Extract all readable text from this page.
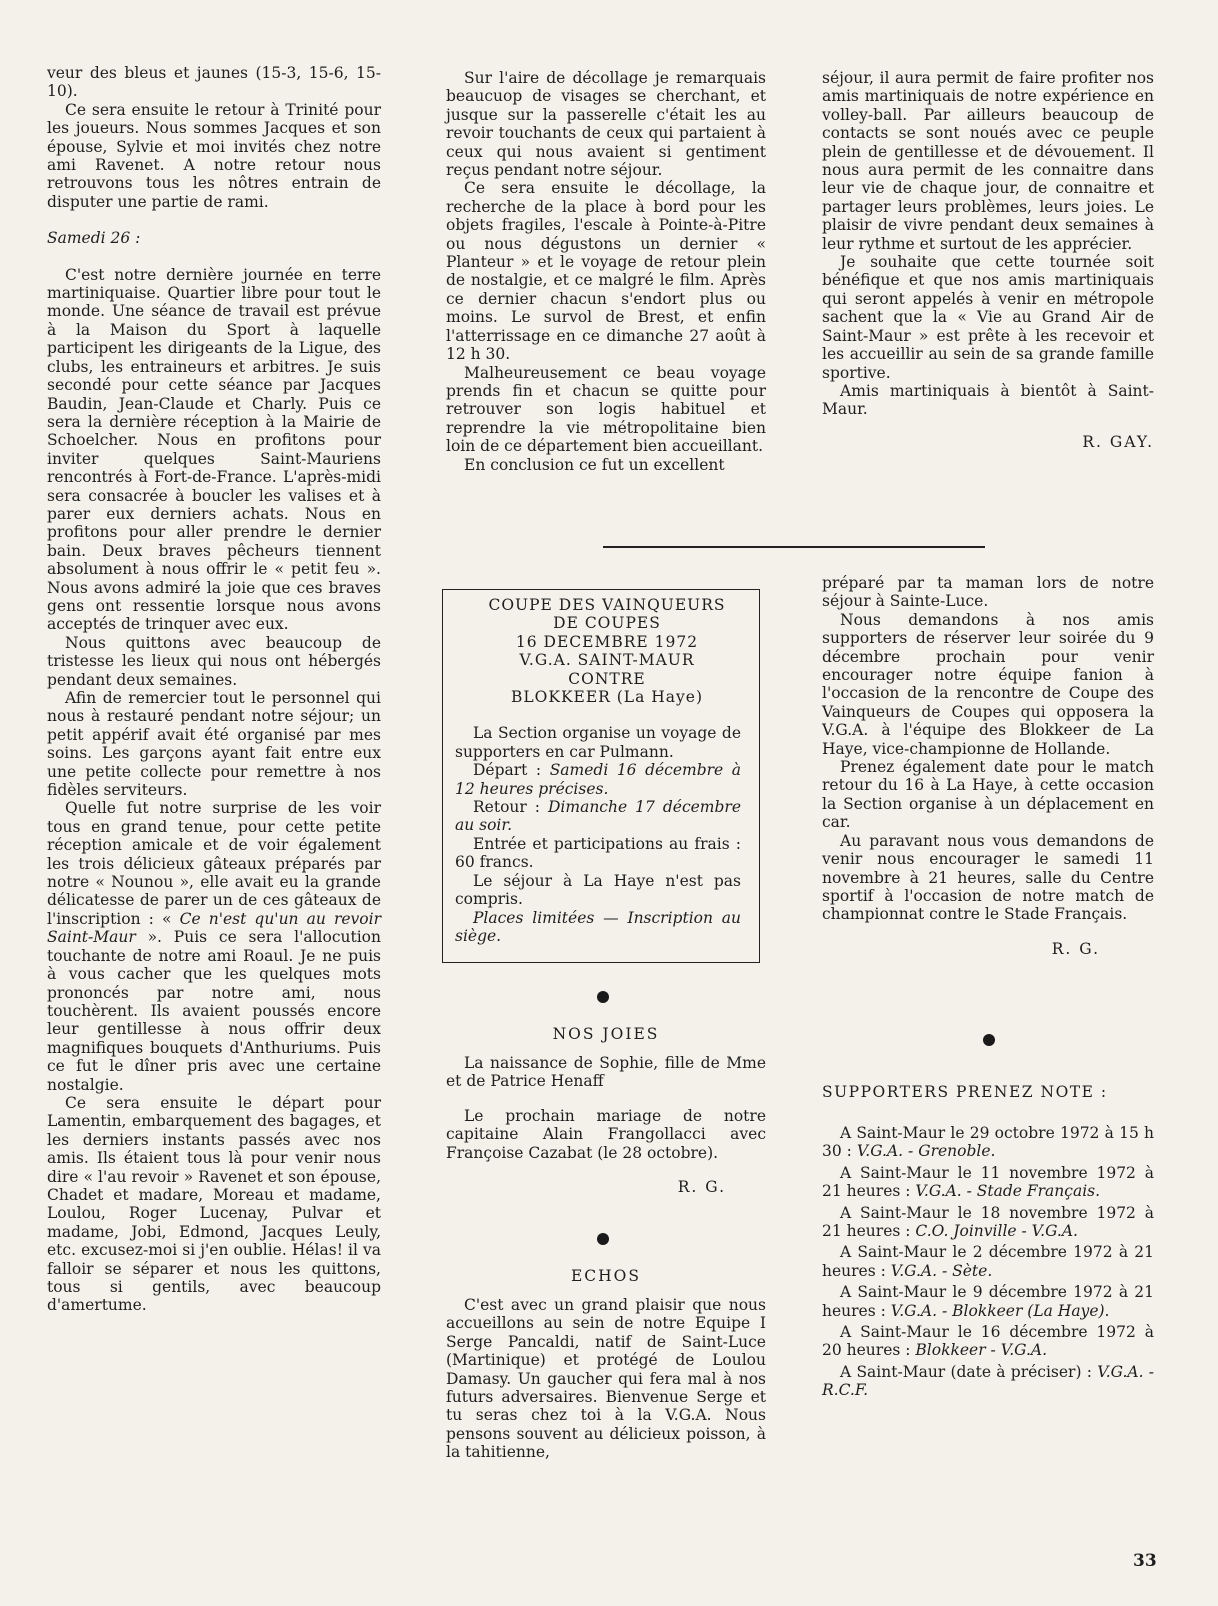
veur des bleus et jaunes (15-3, 15-6, 15-10).

Ce sera ensuite le retour à Trinité pour les joueurs. Nous sommes Jacques et son épouse, Sylvie et moi invités chez notre ami Ravenet. A notre retour nous retrouvons tous les nôtres entrain de disputer une partie de rami.

Samedi 26 :

C'est notre dernière journée en terre martiniquaise. Quartier libre pour tout le monde. Une séance de travail est prévue à la Maison du Sport à laquelle participent les dirigeants de la Ligue, des clubs, les entraineurs et arbitres. Je suis secondé pour cette séance par Jacques Baudin, Jean-Claude et Charly. Puis ce sera la dernière réception à la Mairie de Schoelcher. Nous en profitons pour inviter quelques Saint-Mauriens rencontrés à Fort-de-France. L'après-midi sera consacrée à boucler les valises et à parer eux derniers achats. Nous en profitons pour aller prendre le dernier bain. Deux braves pêcheurs tiennent absolument à nous offrir le « petit feu ». Nous avons admiré la joie que ces braves gens ont ressentie lorsque nous avons acceptés de trinquer avec eux.

Nous quittons avec beaucoup de tristesse les lieux qui nous ont hébergés pendant deux semaines.

Afin de remercier tout le personnel qui nous à restauré pendant notre séjour; un petit appérif avait été organisé par mes soins. Les garçons ayant fait entre eux une petite collecte pour remettre à nos fidèles serviteurs.

Quelle fut notre surprise de les voir tous en grand tenue, pour cette petite réception amicale et de voir également les trois délicieux gâteaux préparés par notre « Nounou », elle avait eu la grande délicatesse de parer un de ces gâteaux de l'inscription : « Ce n'est qu'un au revoir Saint-Maur ». Puis ce sera l'allocution touchante de notre ami Roaul. Je ne puis à vous cacher que les quelques mots prononcés par notre ami, nous touchèrent. Ils avaient poussés encore leur gentillesse à nous offrir deux magnifiques bouquets d'Anthuriums. Puis ce fut le dîner pris avec une certaine nostalgie.

Ce sera ensuite le départ pour Lamentin, embarquement des bagages, et les derniers instants passés avec nos amis. Ils étaient tous là pour venir nous dire « l'au revoir » Ravenet et son épouse, Chadet et madare, Moreau et madame, Loulou, Roger Lucenay, Pulvar et madame, Jobi, Edmond, Jacques Leuly, etc. excusez-moi si j'en oublie. Hélas! il va falloir se séparer et nous les quittons, tous si gentils, avec beaucoup d'amertume.

Sur l'aire de décollage je remarquais beaucuop de visages se cherchant, et jusque sur la passerelle c'était les au revoir touchants de ceux qui partaient à ceux qui nous avaient si gentiment reçus pendant notre séjour.

Ce sera ensuite le décollage, la recherche de la place à bord pour les objets fragiles, l'escale à Pointe-à-Pitre ou nous dégustons un dernier « Planteur » et le voyage de retour plein de nostalgie, et ce malgré le film. Après ce dernier chacun s'endort plus ou moins. Le survol de Brest, et enfin l'atterrissage en ce dimanche 27 août à 12 h 30.

Malheureusement ce beau voyage prends fin et chacun se quitte pour retrouver son logis habituel et reprendre la vie métropolitaine bien loin de ce département bien accueillant.

En conclusion ce fut un excellent

séjour, il aura permit de faire profiter nos amis martiniquais de notre expérience en volley-ball. Par ailleurs beaucoup de contacts se sont noués avec ce peuple plein de gentillesse et de dévouement. Il nous aura permit de les connaitre dans leur vie de chaque jour, de connaitre et partager leurs problèmes, leurs joies. Le plaisir de vivre pendant deux semaines à leur rythme et surtout de les apprécier.

Je souhaite que cette tournée soit bénéfique et que nos amis martiniquais qui seront appelés à venir en métropole sachent que la « Vie au Grand Air de Saint-Maur » est prête à les recevoir et les accueillir au sein de sa grande famille sportive.

Amis martiniquais à bientôt à Saint-Maur.

R. GAY.

COUPE DES VAINQUEURS

DE COUPES

16 DECEMBRE 1972

V.G.A. SAINT-MAUR

CONTRE

BLOKKEER (La Haye)

La Section organise un voyage de supporters en car Pulmann.

Départ : Samedi 16 décembre à 12 heures précises.

Retour : Dimanche 17 décembre au soir.

Entrée et participations au frais : 60 francs.

Le séjour à La Haye n'est pas compris.

Places limitées — Inscription au siège.

NOS JOIES

La naissance de Sophie, fille de Mme et de Patrice Henaff

Le prochain mariage de notre capitaine Alain Frangollacci avec Françoise Cazabat (le 28 octobre).

R. G.

ECHOS

C'est avec un grand plaisir que nous accueillons au sein de notre Equipe I Serge Pancaldi, natif de Saint-Luce (Martinique) et protégé de Loulou Damasy. Un gaucher qui fera mal à nos futurs adversaires. Bienvenue Serge et tu seras chez toi à la V.G.A. Nous pensons souvent au délicieux poisson, à la tahitienne,

préparé par ta maman lors de notre séjour à Sainte-Luce.

Nous demandons à nos amis supporters de réserver leur soirée du 9 décembre prochain pour venir encourager notre équipe fanion à l'occasion de la rencontre de Coupe des Vainqueurs de Coupes qui opposera la V.G.A. à l'équipe des Blokkeer de La Haye, vice-championne de Hollande.

Prenez également date pour le match retour du 16 à La Haye, à cette occasion la Section organise à un déplacement en car.

Au paravant nous vous demandons de venir nous encourager le samedi 11 novembre à 21 heures, salle du Centre sportif à l'occasion de notre match de championnat contre le Stade Français.

R. G.

SUPPORTERS PRENEZ NOTE :

A Saint-Maur le 29 octobre 1972 à 15 h 30 : V.G.A. - Grenoble.

A Saint-Maur le 11 novembre 1972 à 21 heures : V.G.A. - Stade Français.

A Saint-Maur le 18 novembre 1972 à 21 heures : C.O. Joinville - V.G.A.

A Saint-Maur le 2 décembre 1972 à 21 heures : V.G.A. - Sète.

A Saint-Maur le 9 décembre 1972 à 21 heures : V.G.A. - Blokkeer (La Haye).

A Saint-Maur le 16 décembre 1972 à 20 heures : Blokkeer - V.G.A.

A Saint-Maur (date à préciser) : V.G.A. - R.C.F.

33
